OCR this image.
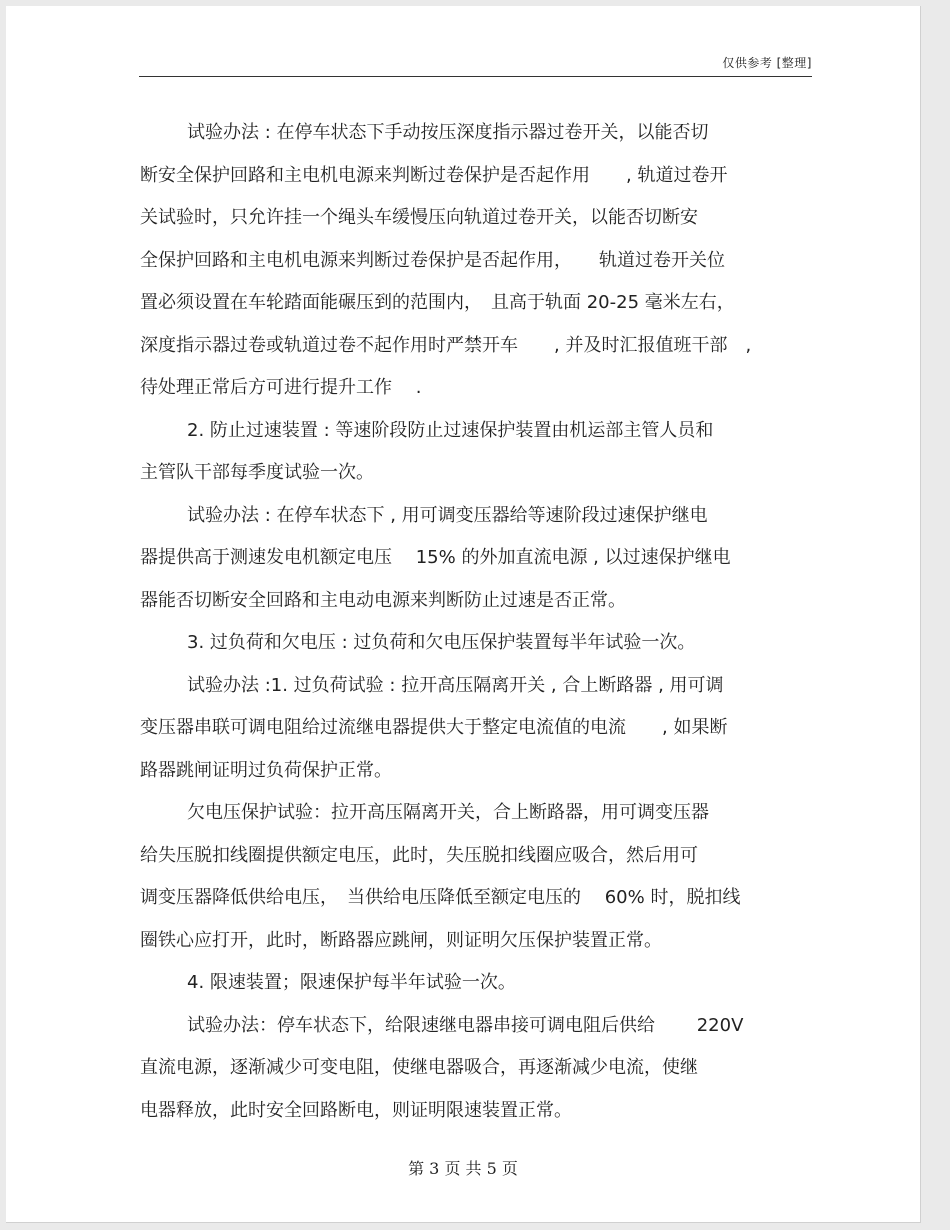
仅供参考 [整理]
试验办法 : 在停车状态下手动按压深度指示器过卷开关，以能否切
断安全保护回路和主电机电源来判断过卷保护是否起作用　　, 轨道过卷开
关试验时，只允许挂一个绳头车缓慢压向轨道过卷开关，以能否切断安
全保护回路和主电机电源来判断过卷保护是否起作用，　　轨道过卷开关位
置必须设置在车轮踏面能碾压到的范围内，　且高于轨面 20-25 毫米左右，
深度指示器过卷或轨道过卷不起作用时严禁开车　　, 并及时汇报值班干部　,
待处理正常后方可进行提升工作　 .
2. 防止过速装置 : 等速阶段防止过速保护装置由机运部主管人员和
主管队干部每季度试验一次。
试验办法 : 在停车状态下 , 用可调变压器给等速阶段过速保护继电
器提供高于测速发电机额定电压　 15% 的外加直流电源 , 以过速保护继电
器能否切断安全回路和主电动电源来判断防止过速是否正常。
3. 过负荷和欠电压 : 过负荷和欠电压保护装置每半年试验一次。
试验办法 :1. 过负荷试验 : 拉开高压隔离开关 , 合上断路器 , 用可调
变压器串联可调电阻给过流继电器提供大于整定电流值的电流　　, 如果断
路器跳闸证明过负荷保护正常。
欠电压保护试验：拉开高压隔离开关，合上断路器，用可调变压器
给失压脱扣线圈提供额定电压，此时，失压脱扣线圈应吸合，然后用可
调变压器降低供给电压，　当供给电压降低至额定电压的　 60% 时，脱扣线
圈铁心应打开，此时，断路器应跳闸，则证明欠压保护装置正常。
4. 限速装置；限速保护每半年试验一次。
试验办法：停车状态下，给限速继电器串接可调电阻后供给　　 220V
直流电源，逐渐减少可变电阻，使继电器吸合，再逐渐减少电流，使继
电器释放，此时安全回路断电，则证明限速装置正常。
第 3 页 共 5 页
